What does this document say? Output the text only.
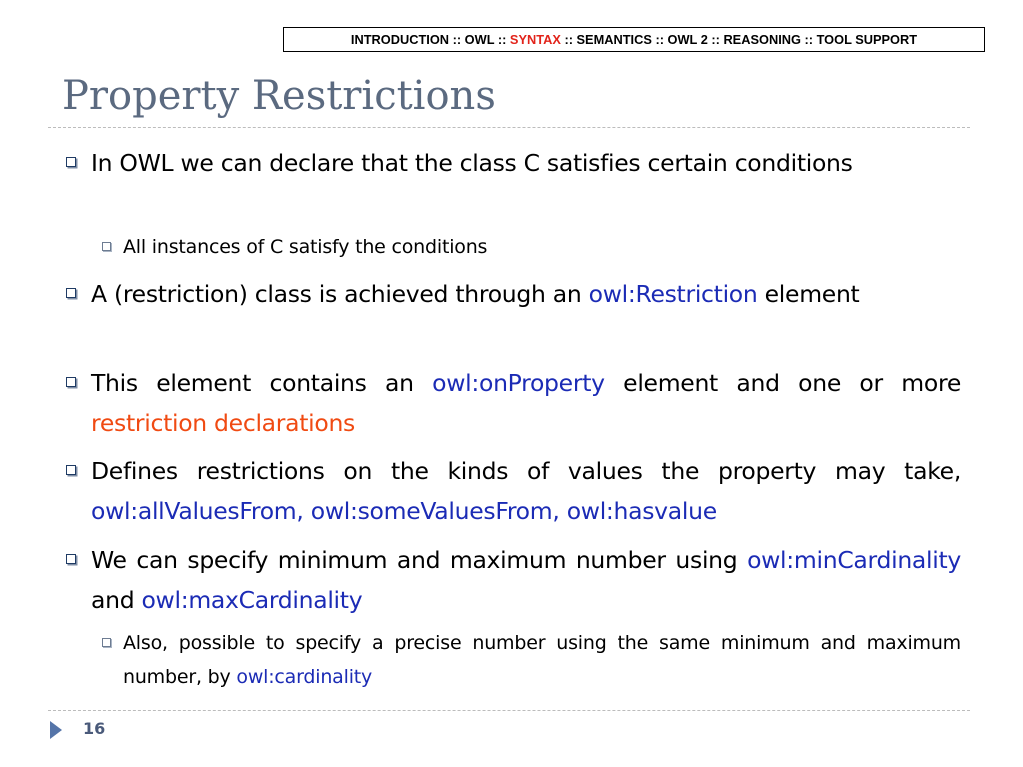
INTRODUCTION :: OWL :: SYNTAX :: SEMANTICS :: OWL 2 :: REASONING :: TOOL SUPPORT
Property Restrictions
In OWL we can declare that the class C satisfies certain conditions
All instances of C satisfy the conditions
A (restriction) class is achieved through an owl:Restriction element
This element contains an owl:onProperty element and one or more restriction declarations
Defines restrictions on the kinds of values the property may take, owl:allValuesFrom, owl:someValuesFrom, owl:hasvalue
We can specify minimum and maximum number using owl:minCardinality and owl:maxCardinality
Also, possible to specify a precise number using the same minimum and maximum number, by owl:cardinality
16
